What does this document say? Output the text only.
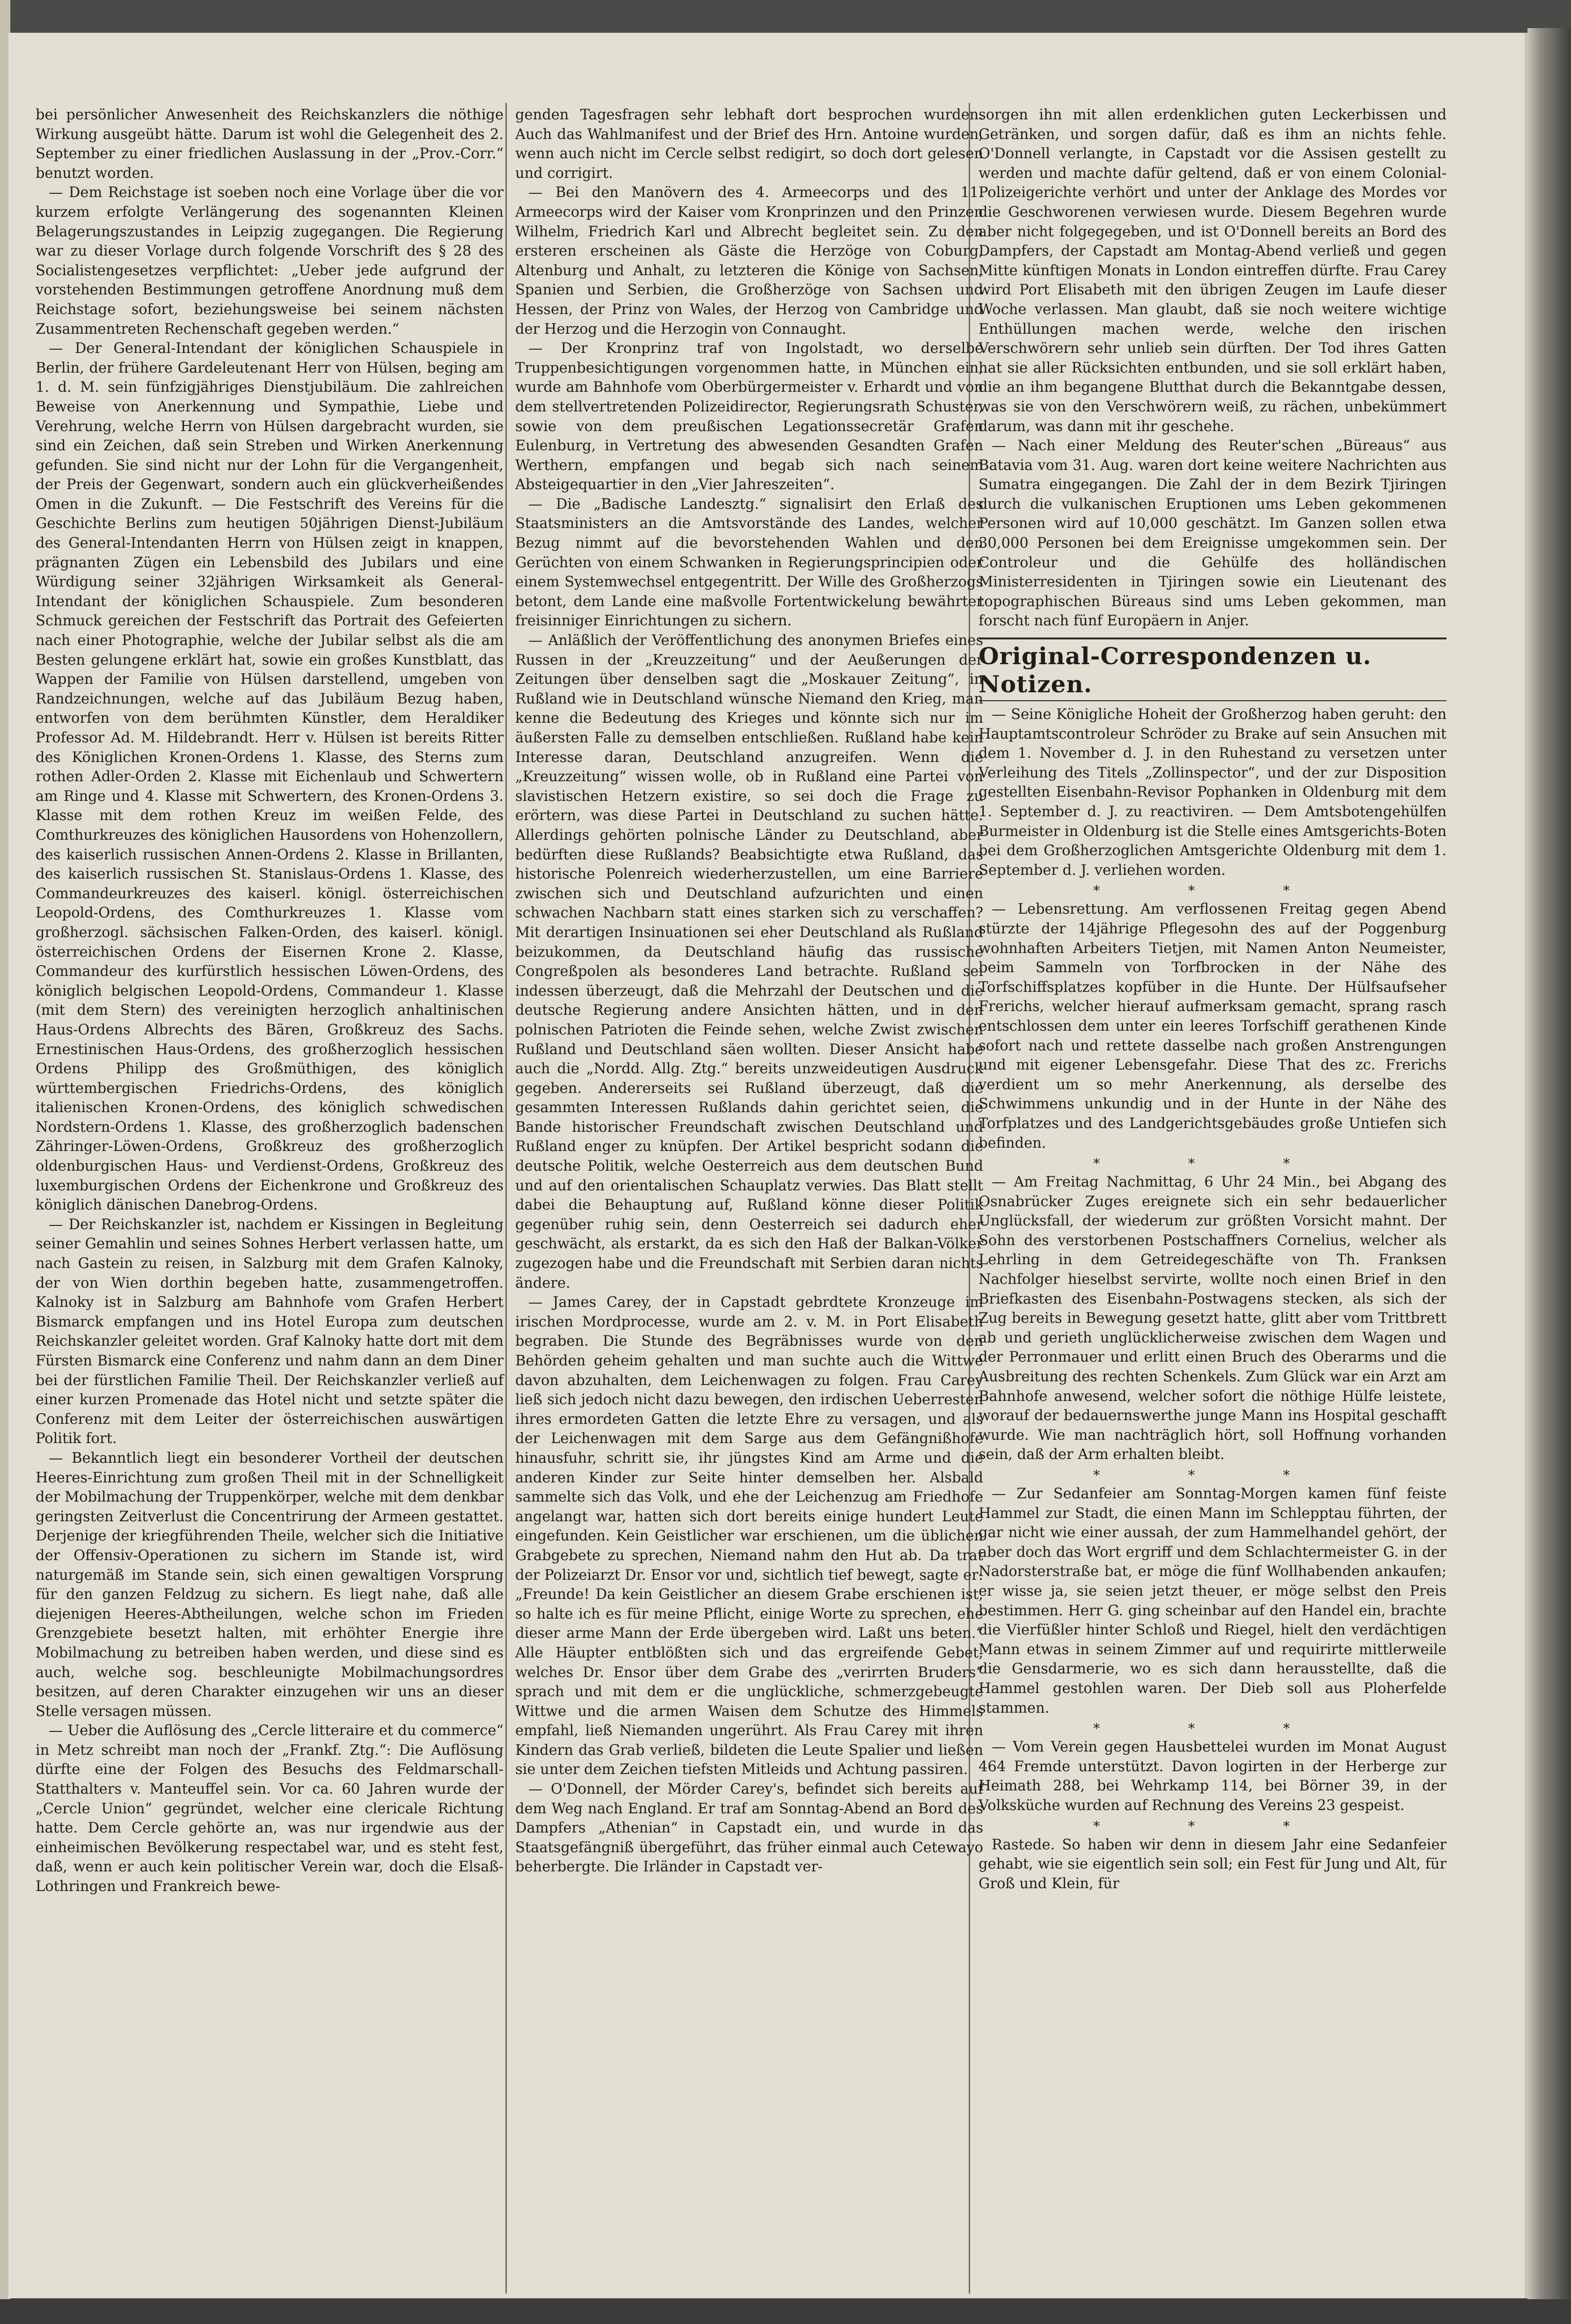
bei persönlicher Anwesenheit des Reichskanzlers die nöthige Wirkung ausgeübt hätte. Darum ist wohl die Gelegenheit des 2. September zu einer friedlichen Auslassung in der „Prov.-Corr.“ benutzt worden.

— Dem Reichstage ist soeben noch eine Vorlage über die vor kurzem erfolgte Verlängerung des sogenannten Kleinen Belagerungszustandes in Leipzig zugegangen. Die Regierung war zu dieser Vorlage durch folgende Vorschrift des § 28 des Socialistengesetzes verpflichtet: „Ueber jede aufgrund der vorstehenden Bestimmungen getroffene Anordnung muß dem Reichstage sofort, beziehungsweise bei seinem nächsten Zusammentreten Rechenschaft gegeben werden.“

— Der General-Intendant der königlichen Schauspiele in Berlin, der frühere Gardeleutenant Herr von Hülsen, beging am 1. d. M. sein fünfzigjähriges Dienstjubiläum. Die zahlreichen Beweise von Anerkennung und Sympathie, Liebe und Verehrung, welche Herrn von Hülsen dargebracht wurden, sie sind ein Zeichen, daß sein Streben und Wirken Anerkennung gefunden. Sie sind nicht nur der Lohn für die Vergangenheit, der Preis der Gegenwart, sondern auch ein glückverheißendes Omen in die Zukunft. — Die Festschrift des Vereins für die Geschichte Berlins zum heutigen 50jährigen Dienst-Jubiläum des General-Intendanten Herrn von Hülsen zeigt in knappen, prägnanten Zügen ein Lebensbild des Jubilars und eine Würdigung seiner 32jährigen Wirksamkeit als General-Intendant der königlichen Schauspiele. Zum besonderen Schmuck gereichen der Festschrift das Portrait des Gefeierten nach einer Photographie, welche der Jubilar selbst als die am Besten gelungene erklärt hat, sowie ein großes Kunstblatt, das Wappen der Familie von Hülsen darstellend, umgeben von Randzeichnungen, welche auf das Jubiläum Bezug haben, entworfen von dem berühmten Künstler, dem Heraldiker Professor Ad. M. Hildebrandt. Herr v. Hülsen ist bereits Ritter des Königlichen Kronen-Ordens 1. Klasse, des Sterns zum rothen Adler-Orden 2. Klasse mit Eichenlaub und Schwertern am Ringe und 4. Klasse mit Schwertern, des Kronen-Ordens 3. Klasse mit dem rothen Kreuz im weißen Felde, des Comthurkreuzes des königlichen Hausordens von Hohenzollern, des kaiserlich russischen Annen-Ordens 2. Klasse in Brillanten, des kaiserlich russischen St. Stanislaus-Ordens 1. Klasse, des Commandeurkreuzes des kaiserl. königl. österreichischen Leopold-Ordens, des Comthurkreuzes 1. Klasse vom großherzogl. sächsischen Falken-Orden, des kaiserl. königl. österreichischen Ordens der Eisernen Krone 2. Klasse, Commandeur des kurfürstlich hessischen Löwen-Ordens, des königlich belgischen Leopold-Ordens, Commandeur 1. Klasse (mit dem Stern) des vereinigten herzoglich anhaltinischen Haus-Ordens Albrechts des Bären, Großkreuz des Sachs. Ernestinischen Haus-Ordens, des großherzoglich hessischen Ordens Philipp des Großmüthigen, des königlich württembergischen Friedrichs-Ordens, des königlich italienischen Kronen-Ordens, des königlich schwedischen Nordstern-Ordens 1. Klasse, des großherzoglich badenschen Zähringer-Löwen-Ordens, Großkreuz des großherzoglich oldenburgischen Haus- und Verdienst-Ordens, Großkreuz des luxemburgischen Ordens der Eichenkrone und Großkreuz des königlich dänischen Danebrog-Ordens.

— Der Reichskanzler ist, nachdem er Kissingen in Begleitung seiner Gemahlin und seines Sohnes Herbert verlassen hatte, um nach Gastein zu reisen, in Salzburg mit dem Grafen Kalnoky, der von Wien dorthin begeben hatte, zusammengetroffen. Kalnoky ist in Salzburg am Bahnhofe vom Grafen Herbert Bismarck empfangen und ins Hotel Europa zum deutschen Reichskanzler geleitet worden. Graf Kalnoky hatte dort mit dem Fürsten Bismarck eine Conferenz und nahm dann an dem Diner bei der fürstlichen Familie Theil. Der Reichskanzler verließ auf einer kurzen Promenade das Hotel nicht und setzte später die Conferenz mit dem Leiter der österreichischen auswärtigen Politik fort.

— Bekanntlich liegt ein besonderer Vortheil der deutschen Heeres-Einrichtung zum großen Theil mit in der Schnelligkeit der Mobilmachung der Truppenkörper, welche mit dem denkbar geringsten Zeitverlust die Concentrirung der Armeen gestattet. Derjenige der kriegführenden Theile, welcher sich die Initiative der Offensiv-Operationen zu sichern im Stande ist, wird naturgemäß im Stande sein, sich einen gewaltigen Vorsprung für den ganzen Feldzug zu sichern. Es liegt nahe, daß alle diejenigen Heeres-Abtheilungen, welche schon im Frieden Grenzgebiete besetzt halten, mit erhöhter Energie ihre Mobilmachung zu betreiben haben werden, und diese sind es auch, welche sog. beschleunigte Mobilmachungsordres besitzen, auf deren Charakter einzugehen wir uns an dieser Stelle versagen müssen.

— Ueber die Auflösung des „Cercle litteraire et du commerce“ in Metz schreibt man noch der „Frankf. Ztg.“: Die Auflösung dürfte eine der Folgen des Besuchs des Feldmarschall-Statthalters v. Manteuffel sein. Vor ca. 60 Jahren wurde der „Cercle Union“ gegründet, welcher eine clericale Richtung hatte. Dem Cercle gehörte an, was nur irgendwie aus der einheimischen Bevölkerung respectabel war, und es steht fest, daß, wenn er auch kein politischer Verein war, doch die Elsaß-Lothringen und Frankreich bewe-

genden Tagesfragen sehr lebhaft dort besprochen wurden. Auch das Wahlmanifest und der Brief des Hrn. Antoine wurden, wenn auch nicht im Cercle selbst redigirt, so doch dort gelesen und corrigirt.

— Bei den Manövern des 4. Armeecorps und des 11. Armeecorps wird der Kaiser vom Kronprinzen und den Prinzen Wilhelm, Friedrich Karl und Albrecht begleitet sein. Zu den ersteren erscheinen als Gäste die Herzöge von Coburg, Altenburg und Anhalt, zu letzteren die Könige von Sachsen, Spanien und Serbien, die Großherzöge von Sachsen und Hessen, der Prinz von Wales, der Herzog von Cambridge und der Herzog und die Herzogin von Connaught.

— Der Kronprinz traf von Ingolstadt, wo derselbe Truppenbesichtigungen vorgenommen hatte, in München ein, wurde am Bahnhofe vom Oberbürgermeister v. Erhardt und von dem stellvertretenden Polizeidirector, Regierungsrath Schuster, sowie von dem preußischen Legationssecretär Grafen Eulenburg, in Vertretung des abwesenden Gesandten Grafen Werthern, empfangen und begab sich nach seinem Absteigequartier in den „Vier Jahreszeiten“.

— Die „Badische Landesztg.“ signalisirt den Erlaß des Staatsministers an die Amtsvorstände des Landes, welcher Bezug nimmt auf die bevorstehenden Wahlen und den Gerüchten von einem Schwanken in Regierungsprincipien oder einem Systemwechsel entgegentritt. Der Wille des Großherzogs betont, dem Lande eine maßvolle Fortentwickelung bewährter freisinniger Einrichtungen zu sichern.

— Anläßlich der Veröffentlichung des anonymen Briefes eines Russen in der „Kreuzzeitung“ und der Aeußerungen der Zeitungen über denselben sagt die „Moskauer Zeitung“, in Rußland wie in Deutschland wünsche Niemand den Krieg, man kenne die Bedeutung des Krieges und könnte sich nur im äußersten Falle zu demselben entschließen. Rußland habe kein Interesse daran, Deutschland anzugreifen. Wenn die „Kreuzzeitung“ wissen wolle, ob in Rußland eine Partei von slavistischen Hetzern existire, so sei doch die Frage zu erörtern, was diese Partei in Deutschland zu suchen hätte. Allerdings gehörten polnische Länder zu Deutschland, aber bedürften diese Rußlands? Beabsichtigte etwa Rußland, das historische Polenreich wiederherzustellen, um eine Barriere zwischen sich und Deutschland aufzurichten und einen schwachen Nachbarn statt eines starken sich zu verschaffen? Mit derartigen Insinuationen sei eher Deutschland als Rußland beizukommen, da Deutschland häufig das russische Congreßpolen als besonderes Land betrachte. Rußland sei indessen überzeugt, daß die Mehrzahl der Deutschen und die deutsche Regierung andere Ansichten hätten, und in den polnischen Patrioten die Feinde sehen, welche Zwist zwischen Rußland und Deutschland säen wollten. Dieser Ansicht habe auch die „Nordd. Allg. Ztg.“ bereits unzweideutigen Ausdruck gegeben. Andererseits sei Rußland überzeugt, daß die gesammten Interessen Rußlands dahin gerichtet seien, die Bande historischer Freundschaft zwischen Deutschland und Rußland enger zu knüpfen. Der Artikel bespricht sodann die deutsche Politik, welche Oesterreich aus dem deutschen Bund und auf den orientalischen Schauplatz verwies. Das Blatt stellt dabei die Behauptung auf, Rußland könne dieser Politik gegenüber ruhig sein, denn Oesterreich sei dadurch eher geschwächt, als erstarkt, da es sich den Haß der Balkan-Völker zugezogen habe und die Freundschaft mit Serbien daran nichts ändere.

— James Carey, der in Capstadt gebrdtete Kronzeuge im irischen Mordprocesse, wurde am 2. v. M. in Port Elisabeth begraben. Die Stunde des Begräbnisses wurde von den Behörden geheim gehalten und man suchte auch die Wittwe davon abzuhalten, dem Leichenwagen zu folgen. Frau Carey ließ sich jedoch nicht dazu bewegen, den irdischen Ueberresten ihres ermordeten Gatten die letzte Ehre zu versagen, und als der Leichenwagen mit dem Sarge aus dem Gefängnißhofe hinausfuhr, schritt sie, ihr jüngstes Kind am Arme und die anderen Kinder zur Seite hinter demselben her. Alsbald sammelte sich das Volk, und ehe der Leichenzug am Friedhofe angelangt war, hatten sich dort bereits einige hundert Leute eingefunden. Kein Geistlicher war erschienen, um die üblichen Grabgebete zu sprechen, Niemand nahm den Hut ab. Da trat der Polizeiarzt Dr. Ensor vor und, sichtlich tief bewegt, sagte er: „Freunde! Da kein Geistlicher an diesem Grabe erschienen ist, so halte ich es für meine Pflicht, einige Worte zu sprechen, ehe dieser arme Mann der Erde übergeben wird. Laßt uns beten.“ Alle Häupter entblößten sich und das ergreifende Gebet, welches Dr. Ensor über dem Grabe des „verirrten Bruders“ sprach und mit dem er die unglückliche, schmerzgebeugte Wittwe und die armen Waisen dem Schutze des Himmels empfahl, ließ Niemanden ungerührt. Als Frau Carey mit ihren Kindern das Grab verließ, bildeten die Leute Spalier und ließen sie unter dem Zeichen tiefsten Mitleids und Achtung passiren.

— O'Donnell, der Mörder Carey's, befindet sich bereits auf dem Weg nach England. Er traf am Sonntag-Abend an Bord des Dampfers „Athenian“ in Capstadt ein, und wurde in das Staatsgefängniß übergeführt, das früher einmal auch Cetewayo beherbergte. Die Irländer in Capstadt ver-

sorgen ihn mit allen erdenklichen guten Leckerbissen und Getränken, und sorgen dafür, daß es ihm an nichts fehle. O'Donnell verlangte, in Capstadt vor die Assisen gestellt zu werden und machte dafür geltend, daß er von einem Colonial-Polizeigerichte verhört und unter der Anklage des Mordes vor die Geschworenen verwiesen wurde. Diesem Begehren wurde aber nicht folgegegeben, und ist O'Donnell bereits an Bord des Dampfers, der Capstadt am Montag-Abend verließ und gegen Mitte künftigen Monats in London eintreffen dürfte. Frau Carey wird Port Elisabeth mit den übrigen Zeugen im Laufe dieser Woche verlassen. Man glaubt, daß sie noch weitere wichtige Enthüllungen machen werde, welche den irischen Verschwörern sehr unlieb sein dürften. Der Tod ihres Gatten hat sie aller Rücksichten entbunden, und sie soll erklärt haben, die an ihm begangene Blutthat durch die Bekanntgabe dessen, was sie von den Verschwörern weiß, zu rächen, unbekümmert darum, was dann mit ihr geschehe.

— Nach einer Meldung des Reuter'schen „Büreaus“ aus Batavia vom 31. Aug. waren dort keine weitere Nachrichten aus Sumatra eingegangen. Die Zahl der in dem Bezirk Tjiringen durch die vulkanischen Eruptionen ums Leben gekommenen Personen wird auf 10,000 geschätzt. Im Ganzen sollen etwa 30,000 Personen bei dem Ereignisse umgekommen sein. Der Controleur und die Gehülfe des holländischen Ministerresidenten in Tjiringen sowie ein Lieutenant des topographischen Büreaus sind ums Leben gekommen, man forscht nach fünf Europäern in Anjer.

Original-Correspondenzen u. Notizen.

— Seine Königliche Hoheit der Großherzog haben geruht: den Hauptamtscontroleur Schröder zu Brake auf sein Ansuchen mit dem 1. November d. J. in den Ruhestand zu versetzen unter Verleihung des Titels „Zollinspector“, und der zur Disposition gestellten Eisenbahn-Revisor Pophanken in Oldenburg mit dem 1. September d. J. zu reactiviren. — Dem Amtsbotengehülfen Burmeister in Oldenburg ist die Stelle eines Amtsgerichts-Boten bei dem Großherzoglichen Amtsgerichte Oldenburg mit dem 1. September d. J. verliehen worden.

* * *

— Lebensrettung. Am verflossenen Freitag gegen Abend stürzte der 14jährige Pflegesohn des auf der Poggenburg wohnhaften Arbeiters Tietjen, mit Namen Anton Neumeister, beim Sammeln von Torfbrocken in der Nähe des Torfschiffsplatzes kopfüber in die Hunte. Der Hülfsaufseher Frerichs, welcher hierauf aufmerksam gemacht, sprang rasch entschlossen dem unter ein leeres Torfschiff gerathenen Kinde sofort nach und rettete dasselbe nach großen Anstrengungen und mit eigener Lebensgefahr. Diese That des zc. Frerichs verdient um so mehr Anerkennung, als derselbe des Schwimmens unkundig und in der Hunte in der Nähe des Torfplatzes und des Landgerichtsgebäudes große Untiefen sich befinden.

* * *

— Am Freitag Nachmittag, 6 Uhr 24 Min., bei Abgang des Osnabrücker Zuges ereignete sich ein sehr bedauerlicher Unglücksfall, der wiederum zur größten Vorsicht mahnt. Der Sohn des verstorbenen Postschaffners Cornelius, welcher als Lehrling in dem Getreidegeschäfte von Th. Franksen Nachfolger hieselbst servirte, wollte noch einen Brief in den Briefkasten des Eisenbahn-Postwagens stecken, als sich der Zug bereits in Bewegung gesetzt hatte, glitt aber vom Trittbrett ab und gerieth unglücklicherweise zwischen dem Wagen und der Perronmauer und erlitt einen Bruch des Oberarms und die Ausbreitung des rechten Schenkels. Zum Glück war ein Arzt am Bahnhofe anwesend, welcher sofort die nöthige Hülfe leistete, worauf der bedauernswerthe junge Mann ins Hospital geschafft wurde. Wie man nachträglich hört, soll Hoffnung vorhanden sein, daß der Arm erhalten bleibt.

* * *

— Zur Sedanfeier am Sonntag-Morgen kamen fünf feiste Hammel zur Stadt, die einen Mann im Schlepptau führten, der gar nicht wie einer aussah, der zum Hammelhandel gehört, der aber doch das Wort ergriff und dem Schlachtermeister G. in der Nadorsterstraße bat, er möge die fünf Wollhabenden ankaufen; er wisse ja, sie seien jetzt theuer, er möge selbst den Preis bestimmen. Herr G. ging scheinbar auf den Handel ein, brachte die Vierfüßler hinter Schloß und Riegel, hielt den verdächtigen Mann etwas in seinem Zimmer auf und requirirte mittlerweile die Gensdarmerie, wo es sich dann herausstellte, daß die Hammel gestohlen waren. Der Dieb soll aus Ploherfelde stammen.

* * *

— Vom Verein gegen Hausbettelei wurden im Monat August 464 Fremde unterstützt. Davon logirten in der Herberge zur Heimath 288, bei Wehrkamp 114, bei Börner 39, in der Volksküche wurden auf Rechnung des Vereins 23 gespeist.

* * *

Rastede. So haben wir denn in diesem Jahr eine Sedanfeier gehabt, wie sie eigentlich sein soll; ein Fest für Jung und Alt, für Groß und Klein, für
